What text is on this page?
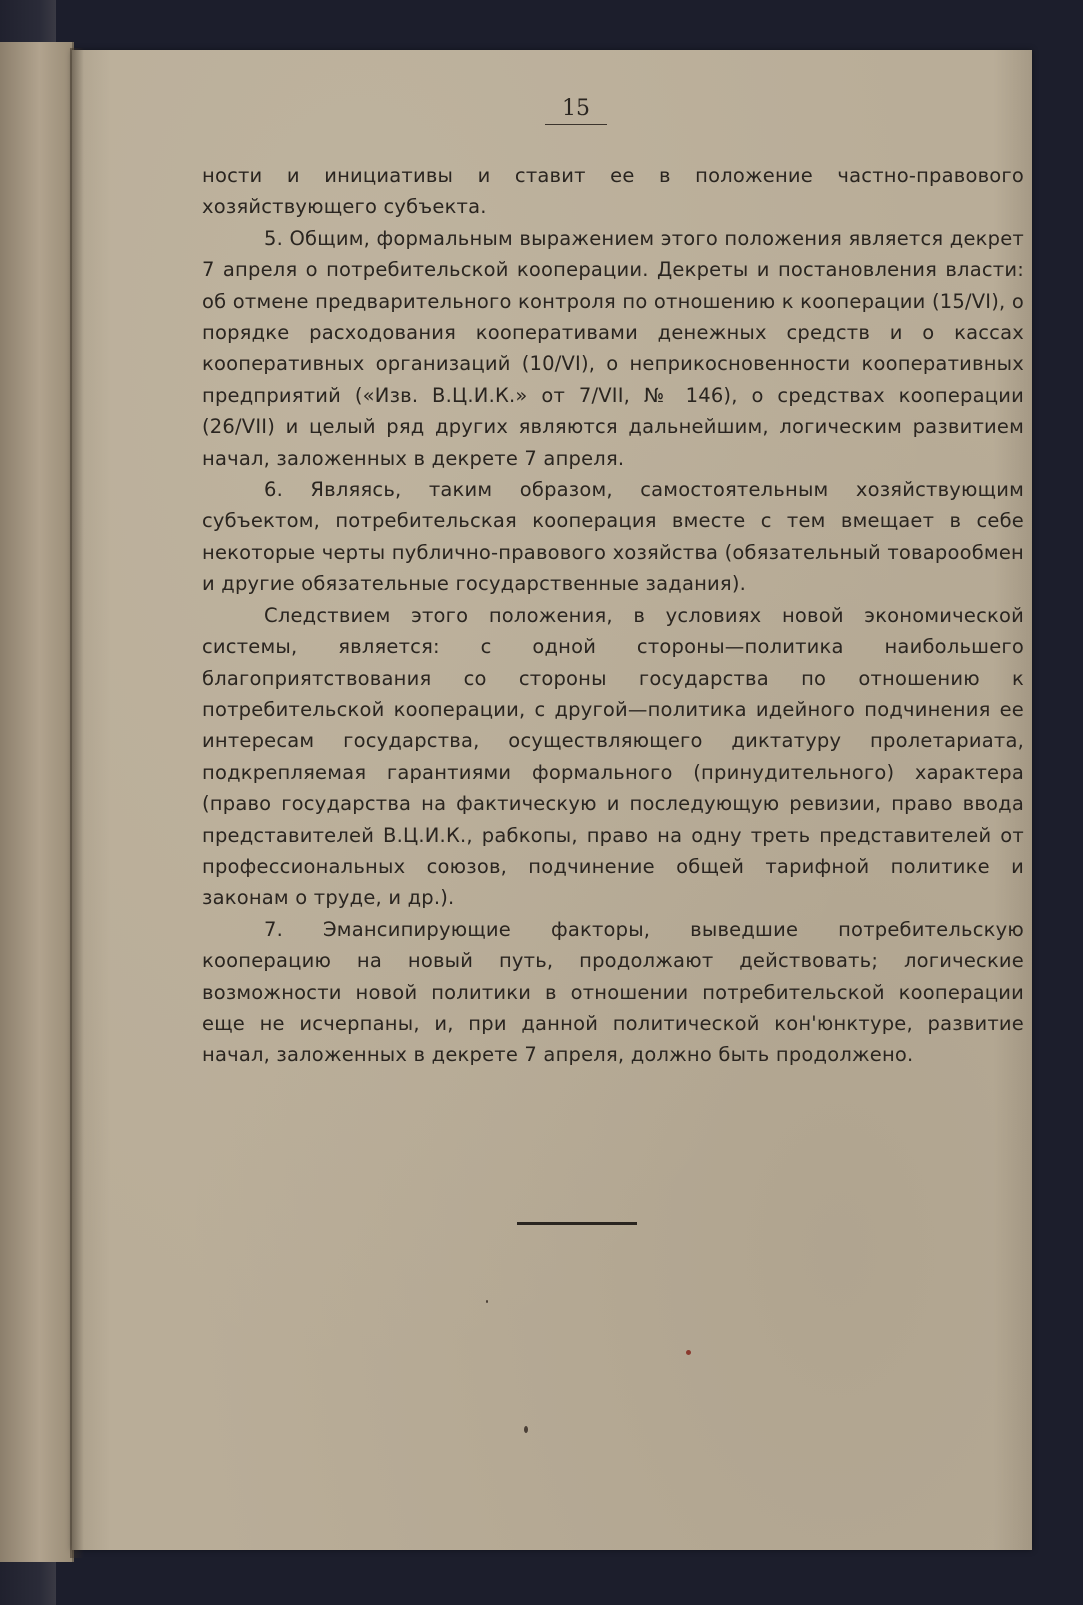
15

ности и инициативы и ставит ее в положение частно-правового хозяйствующего субъекта.

5. Общим, формальным выражением этого положения является декрет 7 апреля о потребительской кооперации. Декреты и постановления власти: об отмене предварительного контроля по отношению к кооперации (15/VI), о порядке расходования кооперативами денежных средств и о кассах кооперативных организаций (10/VI), о неприкосновенности кооперативных предприятий («Изв. В.Ц.И.К.» от 7/VII, № 146), о средствах кооперации (26/VII) и целый ряд других являются дальнейшим, логическим развитием начал, заложенных в декрете 7 апреля.

6. Являясь, таким образом, самостоятельным хозяйствующим субъектом, потребительская кооперация вместе с тем вмещает в себе некоторые черты публично-правового хозяйства (обязательный товарообмен и другие обязательные государственные задания).

Следствием этого положения, в условиях новой экономической системы, является: с одной стороны—политика наибольшего благоприятствования со стороны государства по отношению к потребительской кооперации, с другой—политика идейного подчинения ее интересам государства, осуществляющего диктатуру пролетариата, подкрепляемая гарантиями формального (принудительного) характера (право государства на фактическую и последующую ревизии, право ввода представителей В.Ц.И.К., рабкопы, право на одну треть представителей от профессиональных союзов, подчинение общей тарифной политике и законам о труде, и др.).

7. Эмансипирующие факторы, выведшие потребительскую кооперацию на новый путь, продолжают действовать; логические возможности новой политики в отношении потребительской кооперации еще не исчерпаны, и, при данной политической кон'юнктуре, развитие начал, заложенных в декрете 7 апреля, должно быть продолжено.
